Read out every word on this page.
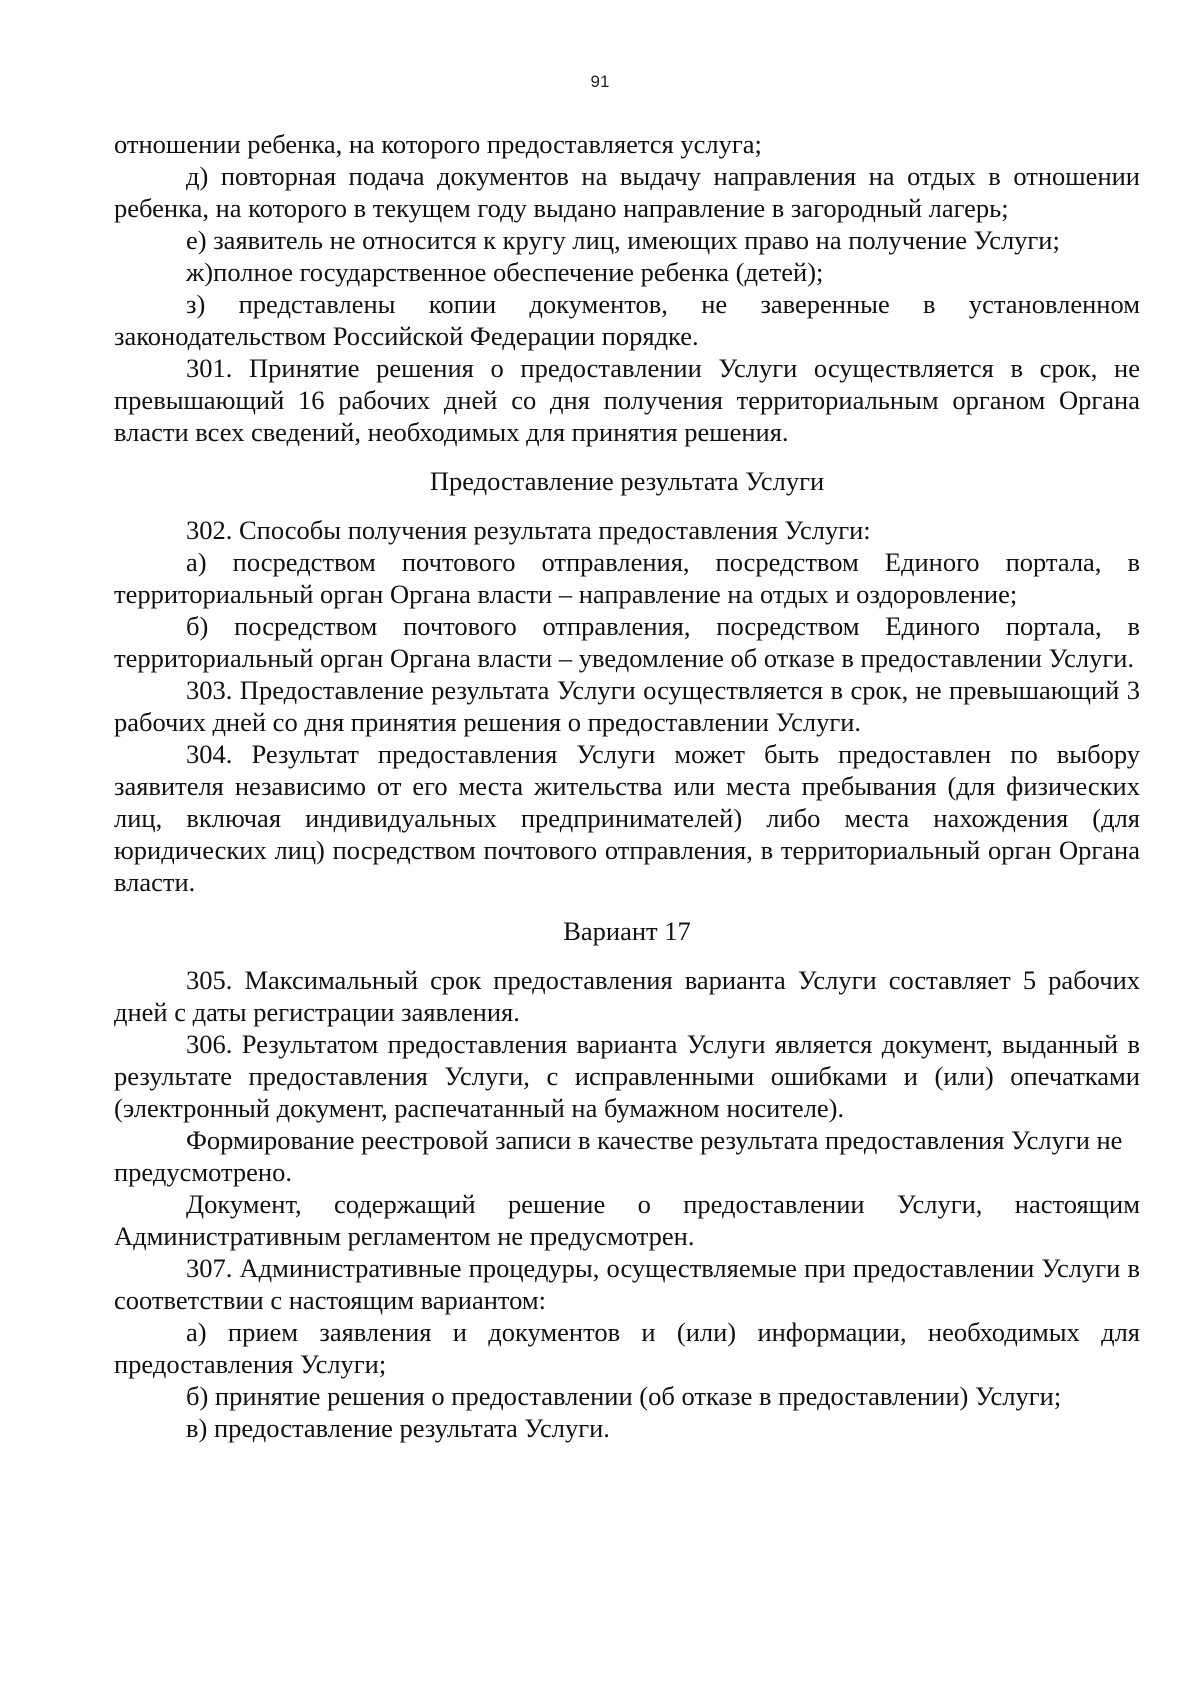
91

отношении ребенка, на которого предоставляется услуга;

д) повторная подача документов на выдачу направления на отдых в отношении ребенка, на которого в текущем году выдано направление в загородный лагерь;

е) заявитель не относится к кругу лиц, имеющих право на получение Услуги;

ж)полное государственное обеспечение ребенка (детей);

з) представлены копии документов, не заверенные в установленном законодательством Российской Федерации порядке.

301. Принятие решения о предоставлении Услуги осуществляется в срок, не превышающий 16 рабочих дней со дня получения территориальным органом Органа власти всех сведений, необходимых для принятия решения.

Предоставление результата Услуги

302. Способы получения результата предоставления Услуги:

а) посредством почтового отправления, посредством Единого портала, в территориальный орган Органа власти – направление на отдых и оздоровление;

б) посредством почтового отправления, посредством Единого портала, в территориальный орган Органа власти – уведомление об отказе в предоставлении Услуги.

303. Предоставление результата Услуги осуществляется в срок, не превышающий 3 рабочих дней со дня принятия решения о предоставлении Услуги.

304. Результат предоставления Услуги может быть предоставлен по выбору заявителя независимо от его места жительства или места пребывания (для физических лиц, включая индивидуальных предпринимателей) либо места нахождения (для юридических лиц) посредством почтового отправления, в территориальный орган Органа власти.

Вариант 17

305. Максимальный срок предоставления варианта Услуги составляет 5 рабочих дней с даты регистрации заявления.

306. Результатом предоставления варианта Услуги является документ, выданный в результате предоставления Услуги, с исправленными ошибками и (или) опечатками (электронный документ, распечатанный на бумажном носителе).

Формирование реестровой записи в качестве результата предоставления Услуги не предусмотрено.

Документ, содержащий решение о предоставлении Услуги, настоящим Административным регламентом не предусмотрен.

307. Административные процедуры, осуществляемые при предоставлении Услуги в соответствии с настоящим вариантом:

а) прием заявления и документов и (или) информации, необходимых для предоставления Услуги;

б) принятие решения о предоставлении (об отказе в предоставлении) Услуги;

в) предоставление результата Услуги.
